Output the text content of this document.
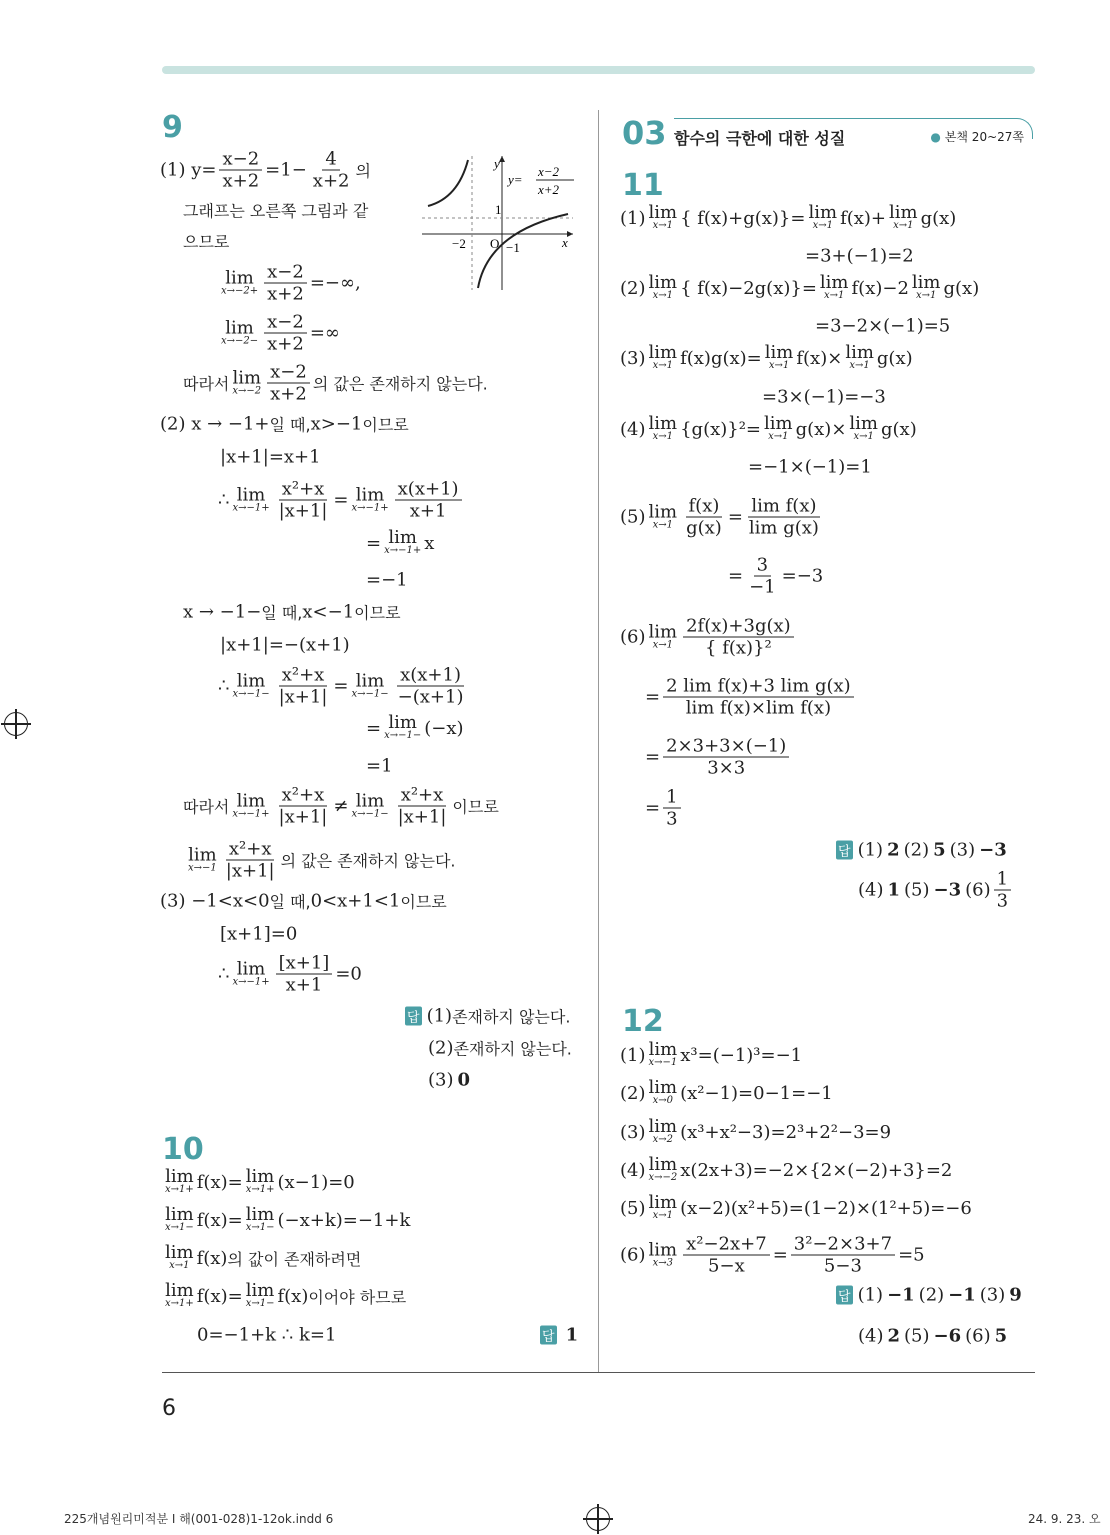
03 함수의 극한에 대한 성질	● 본책 20~27쪽
y
x
O
−2
1
−1
y=
x−2
x+2
6
225개념원리미적분 I 해(001-028)1-12ok.indd 6	24. 9. 23. 오
9
(1) $y= \frac{x-2}{x+2} =1- \frac{4}{x+2}$ 의
그래프는 오른쪽 그림과 같
으므로
lim
$x\to-2+ \frac{x-2}{x+2}$ =−∞,
lim
$x\to-2- \frac{x-2}{x+2}$ =∞
따라서 lim
$x\to-2 \frac{x-2}{x+2}$ 의 값은 존재하지 않는다.
(2) x → −1+ 일 때, x>−1 이므로
|x+1|=x+1
∴ lim
$x\to-1+ \frac{\text{x²+x}}{|x+1|} = \lim$
$x\to-1+ \frac{x(x+1)}{x+1}$
= lim
x→−1+ x
=−1
x → −1− 일 때, x<−1 이므로
|x+1|=−(x+1)
∴ lim
$x\to-1- \frac{\text{x²+x}}{|x+1|} = \lim$
$x\to-1- \frac{x(x+1)}{-(x+1)}$
= lim
x→−1− (−x)
=1
따라서 lim
$x\to-1+ \frac{\text{x²+x}}{|x+1|} \ne \lim$
$x\to-1- \frac{\text{x²+x}}{|x+1|}$ 이므로
lim
$x\to-1 \frac{\text{x²+x}}{|x+1|}$ 의 값은 존재하지 않는다.
(3) −1<x<0 일 때, 0<x+1<1 이므로
[x+1]=0
∴ lim
$x\to-1+ \frac{[x+1]}{x+1} =0$
답 (1) 존재하지 않는다.
(2) 존재하지 않는다.
(3) 0
10
lim
x→1+ f(x)= lim
x→1+ (x−1)=0
lim
x→1− f(x)= lim
x→1− (−x+k)=−1+k
lim
x→1 f(x) 의 값이 존재하려면
lim
x→1+ f(x)= lim
x→1− f(x) 이어야 하므로
0=−1+k ∴ k=1	답 1
11
(1) lim
x→1 { f(x)+g(x)}= lim
x→1 f(x)+ lim
x→1 g(x)
=3+(−1)=2
(2) lim
x→1 { f(x)−2g(x)}= lim
x→1 f(x)−2 lim
x→1 g(x)
=3−2×(−1)=5
(3) lim
x→1 f(x)g(x)= lim
x→1 f(x)× lim
x→1 g(x)
=3×(−1)=−3
(4) lim
x→1 {g(x)}²= lim
x→1 g(x)× lim
x→1 g(x)
=−1×(−1)=1
(5) lim
$x\to 1 \frac{f(x)}{g(x)} = \frac{\text{lim f(x)}}{\text{lim g(x)}}$
= $\frac{3}{-1} =-3$
(6) lim
$x\to 1 \frac{2f(x)+3g(x)}{\text{\{ f(x)\}²}}$
= $\frac{\text{2 lim f(x)+3 lim g(x)}}{\text{lim f(x)×lim f(x)}}$
= $\frac{2\times 3+3\times(-1)}{3\times 3}$
= $\frac{1}{3}$
답 (1) 2 (2) 5 (3) −3
(4) 1 (5) −3 $(6) \frac{1}{3}$
12
(1) lim
x→−1 x³=(−1)³=−1
(2) lim
x→0 (x²−1)=0−1=−1
(3) lim
x→2 (x³+x²−3)=2³+2²−3=9
(4) lim
x→−2 x(2x+3)=−2×{2×(−2)+3}=2
(5) lim
x→1 (x−2)(x²+5)=(1−2)×(1²+5)=−6
(6) lim
$x\to 3 \frac{\text{x²−2x+7}}{5-x} = \frac{\text{3²−2×3+7}}{5-3} =5$
답 (1) −1 (2) −1 (3) 9
(4) 2 (5) −6 (6) 5
